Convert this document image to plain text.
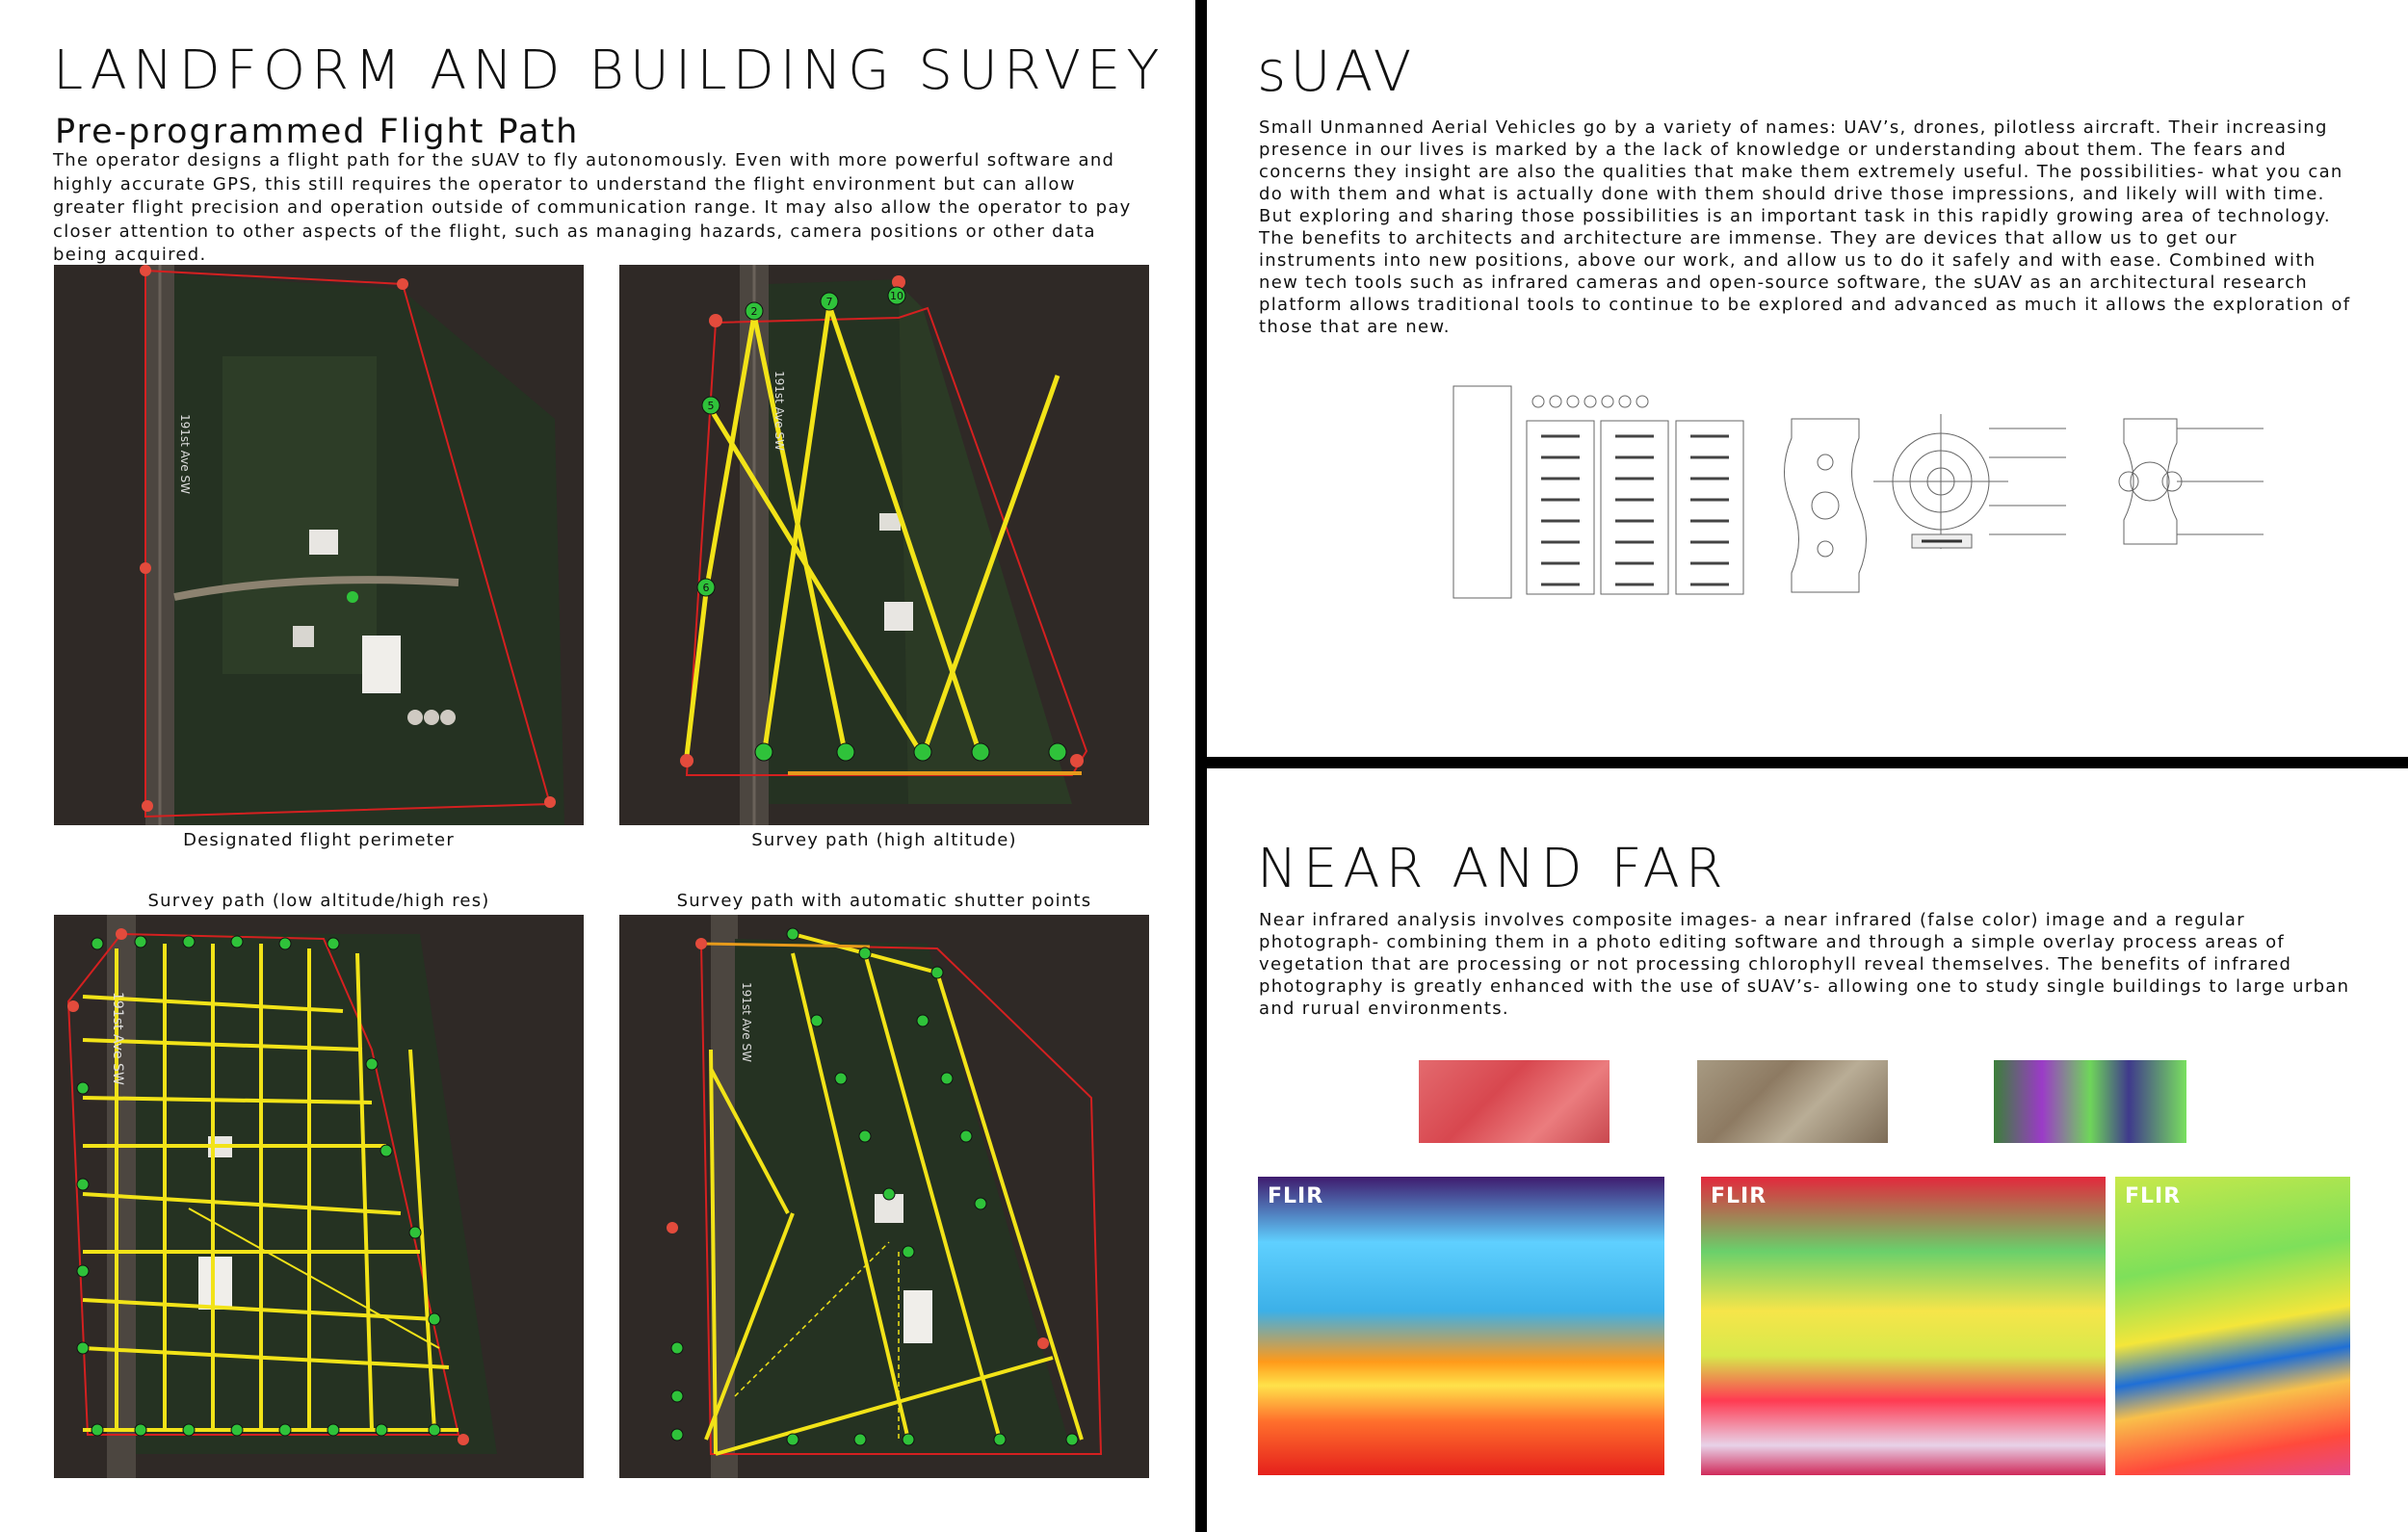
LANDFORM AND BUILDING SURVEY
Pre-programmed Flight Path
The operator designs a flight path for the sUAV to fly autonomously. Even with more powerful software and highly accurate GPS, this still requires the operator to understand the flight environment but can allow greater flight precision and operation outside of communication range. It may also allow the operator to pay closer attention to other aspects of the flight, such as managing hazards, camera positions or other data being acquired.
191st Ave SW
Designated flight perimeter
2
7
5
6
10
191st Ave SW
Survey path (high altitude)
Survey path (low altitude/high res)
191st Ave SW
Survey path with automatic shutter points
191st Ave SW
sUAV
Small Unmanned Aerial Vehicles go by a variety of names: UAV’s, drones, pilotless aircraft. Their increasing presence in our lives is marked by a the lack of knowledge or understanding about them. The fears and concerns they insight are also the qualities that make them extremely useful. The possibilities- what you can do with them and what is actually done with them should drive those impressions, and likely will with time. But exploring and sharing those possibilities is an important task in this rapidly growing area of technology. The benefits to architects and architecture are immense. They are devices that allow us to get our instruments into new positions, above our work, and allow us to do it safely and with ease. Combined with new tech tools such as infrared cameras and open-source software, the sUAV as an architectural research platform allows traditional tools to continue to be explored and advanced as much it allows the exploration of those that are new.
NEAR AND FAR
Near infrared analysis involves composite images- a near infrared (false color) image and a regular photograph- combining them in a photo editing software and through a simple overlay process areas of vegetation that are processing or not processing chlorophyll reveal themselves. The benefits of infrared photography is greatly enhanced with the use of sUAV’s- allowing one to study single buildings to large urban and rurual environments.
FLIR	FLIR	FLIR
